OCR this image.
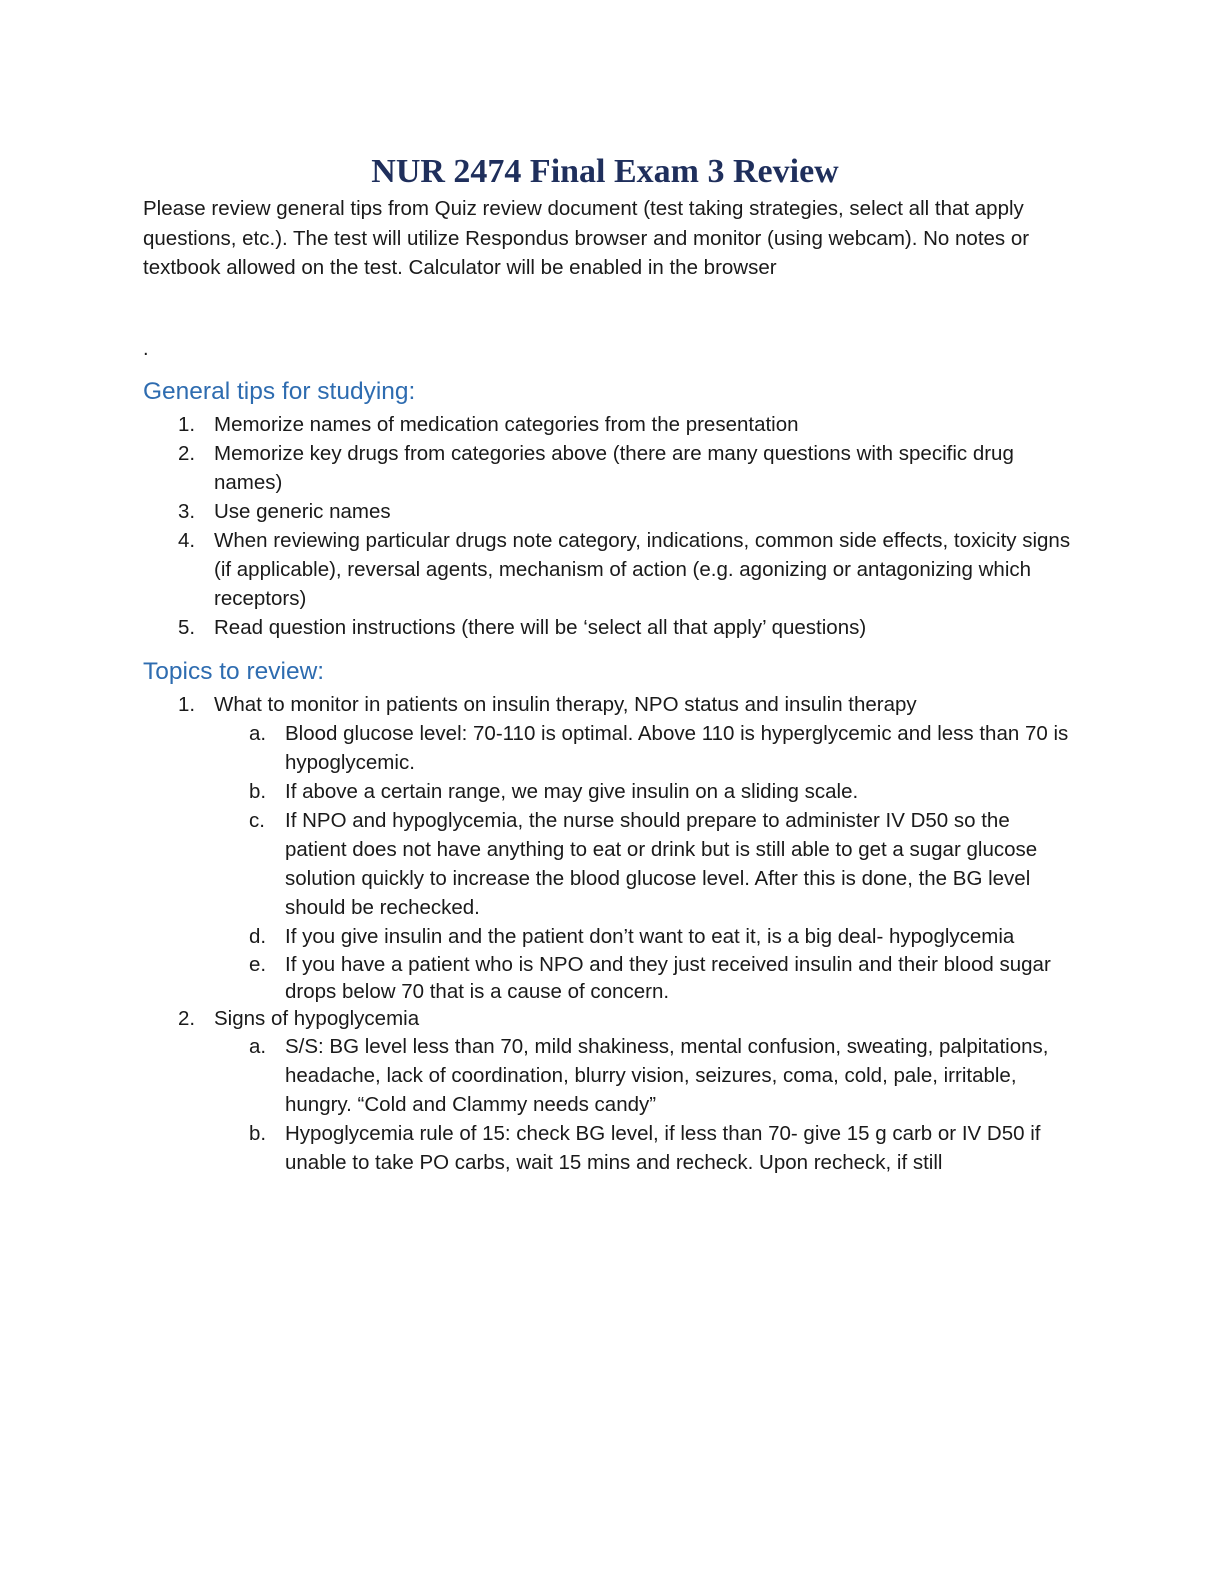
NUR 2474 Final Exam 3 Review

Please review general tips from Quiz review document (test taking strategies, select all that apply questions, etc.). The test will utilize Respondus browser and monitor (using webcam). No notes or textbook allowed on the test. Calculator will be enabled in the browser

.

General tips for studying:
1. Memorize names of medication categories from the presentation
2. Memorize key drugs from categories above (there are many questions with specific drug names)
3. Use generic names
4. When reviewing particular drugs note category, indications, common side effects, toxicity signs (if applicable), reversal agents, mechanism of action (e.g. agonizing or antagonizing which receptors)
5. Read question instructions (there will be ‘select all that apply’ questions)
Topics to review:
1. What to monitor in patients on insulin therapy, NPO status and insulin therapy
a. Blood glucose level: 70-110 is optimal. Above 110 is hyperglycemic and less than 70 is hypoglycemic.
b. If above a certain range, we may give insulin on a sliding scale.
c. If NPO and hypoglycemia, the nurse should prepare to administer IV D50 so the patient does not have anything to eat or drink but is still able to get a sugar glucose solution quickly to increase the blood glucose level. After this is done, the BG level should be rechecked.
d. If you give insulin and the patient don’t want to eat it, is a big deal- hypoglycemia
e. If you have a patient who is NPO and they just received insulin and their blood sugar drops below 70 that is a cause of concern.
2. Signs of hypoglycemia
a. S/S: BG level less than 70, mild shakiness, mental confusion, sweating, palpitations, headache, lack of coordination, blurry vision, seizures, coma, cold, pale, irritable, hungry. “Cold and Clammy needs candy”
b. Hypoglycemia rule of 15: check BG level, if less than 70- give 15 g carb or IV D50 if unable to take PO carbs, wait 15 mins and recheck. Upon recheck, if still
